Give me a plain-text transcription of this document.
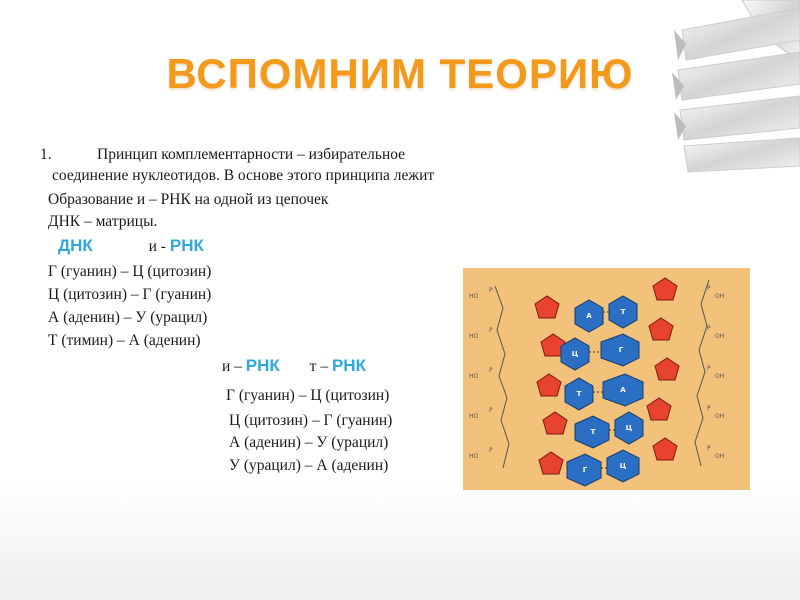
ВСПОМНИМ ТЕОРИЮ
1.	Принцип комплементарности – избирательное
соединение нуклеотидов. В основе этого принципа лежит
Образование и – РНК на одной из цепочек
ДНК – матрицы.
ДНК	и - РНК
Г (гуанин) – Ц (цитозин)
Ц (цитозин) – Г (гуанин)
А (аденин) – У (урацил)
Т (тимин) – А (аденин)
и – РНК т – РНК
Г (гуанин) – Ц (цитозин)
Ц (цитозин) – Г (гуанин)
А (аденин) – У (урацил)
У (урацил) – А (аденин)
HO
P
HO
P
HO
P
HO
P
HO
P
OH
P
OH
P
OH
P
OH
P
OH
P
А	Т
Ц	Г
Т	А
Т	Ц
Г	Ц
